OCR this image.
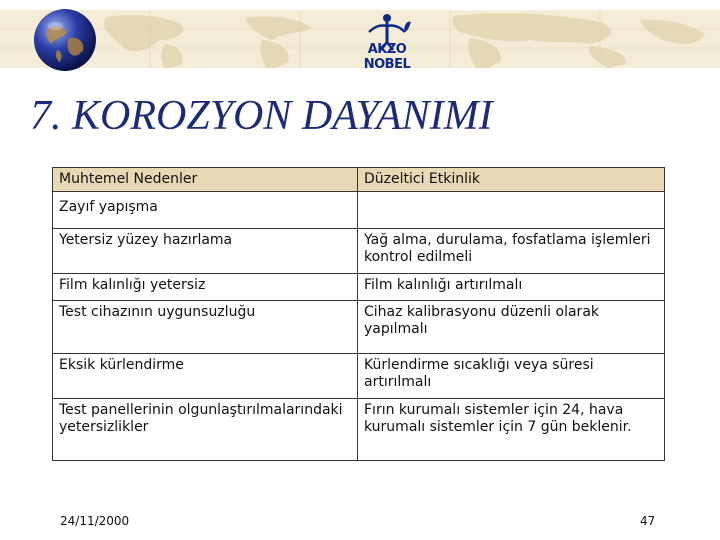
AKZO NOBEL
7. KOROZYON DAYANIMI
Muhtemel Nedenler	Düzeltici Etkinlik
Zayıf yapışma	
Yetersiz yüzey hazırlama	Yağ alma, durulama, fosfatlama işlemleri kontrol edilmeli
Film kalınlığı yetersiz	Film kalınlığı artırılmalı
Test cihazının uygunsuzluğu	Cihaz kalibrasyonu düzenli olarak yapılmalı
Eksik kürlendirme	Kürlendirme sıcaklığı veya süresi artırılmalı
Test panellerinin olgunlaştırılmalarındaki yetersizlikler	Fırın kurumalı sistemler için 24, hava kurumalı sistemler için 7 gün beklenir.
24/11/2000	47
